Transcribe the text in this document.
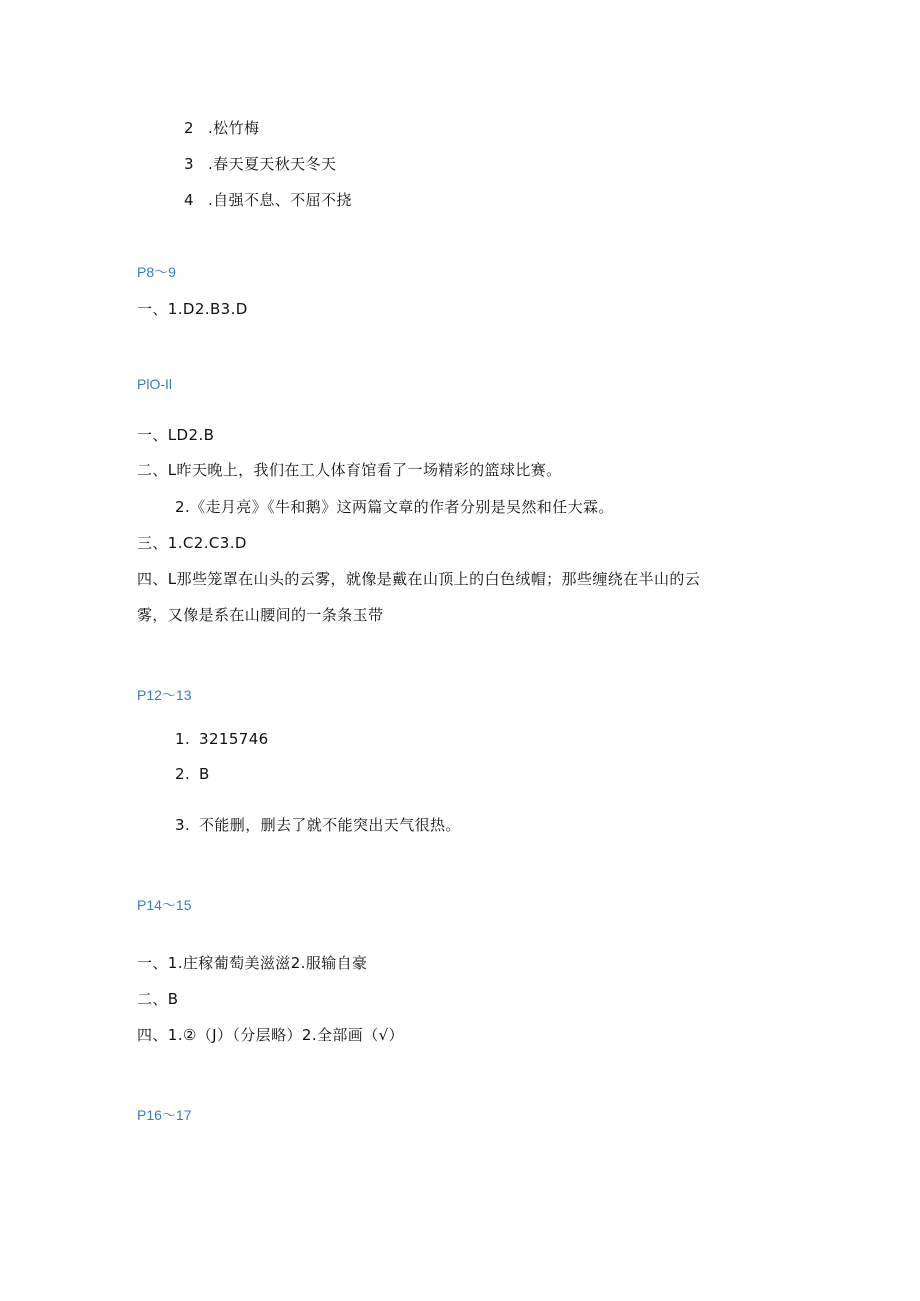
2 .松竹梅
3 .春天夏天秋天冬天
4 .自强不息、不屈不挠
P8～9
一、1.D2.B3.D
PlO-Il
一、LD2.B
二、L昨天晚上，我们在工人体育馆看了一场精彩的篮球比赛。
2.《走月亮》《牛和鹅》这两篇文章的作者分别是吴然和任大霖。
三、1.C2.C3.D
四、L那些笼罩在山头的云雾，就像是戴在山顶上的白色绒帽；那些缠绕在半山的云
雾，又像是系在山腰间的一条条玉带
P12～13
1. 3215746
2. B
3. 不能删，删去了就不能突出天气很热。
P14～15
一、1.庄稼葡萄美滋滋2.服输自豪
二、B
四、1.②（J）（分层略）2.全部画（√）
P16～17
